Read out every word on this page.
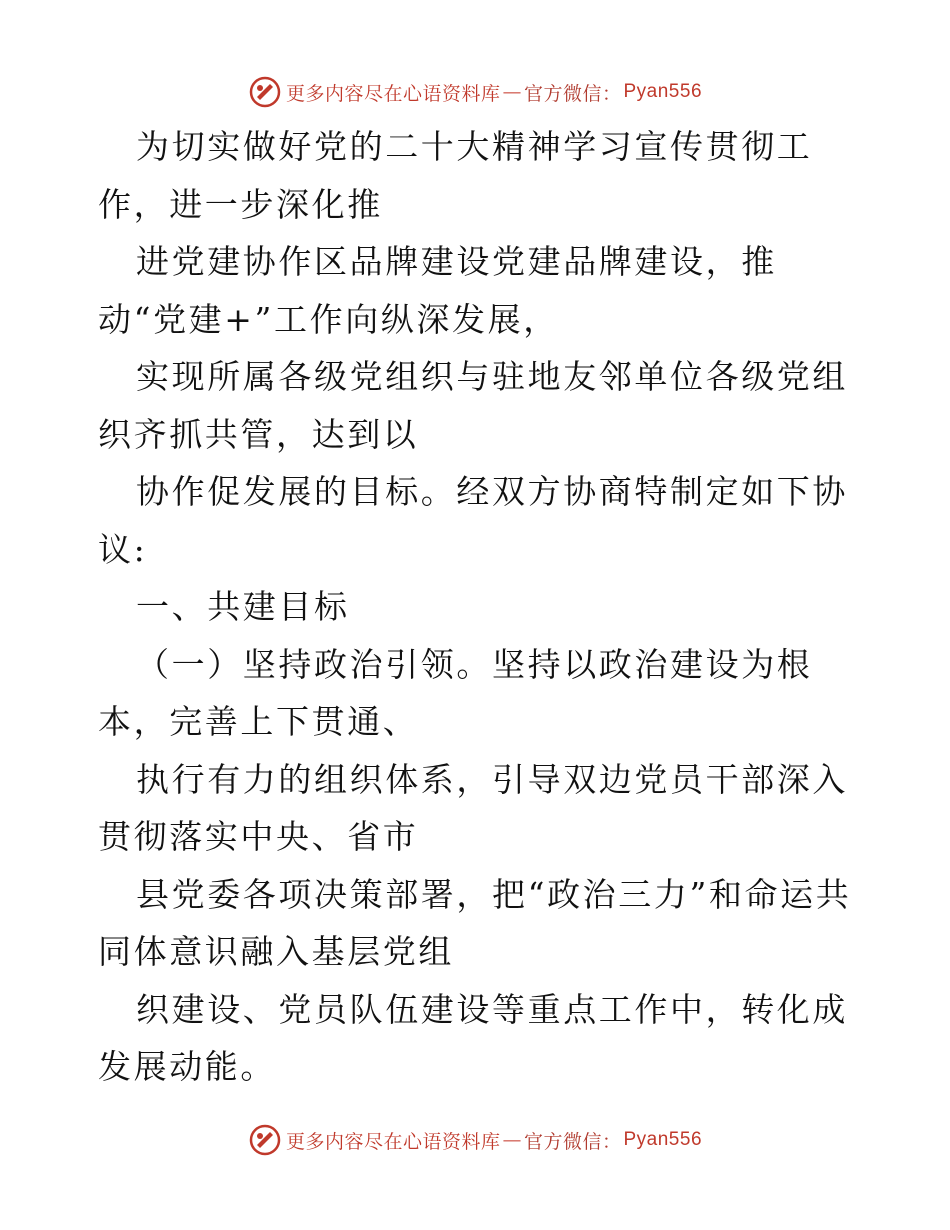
更多内容尽在心语资料库 — 官方微信： Pyan556

为切实做好党的二十大精神学习宣传贯彻工作，进一步深化推

进党建协作区品牌建设党建品牌建设，推动“党建+”工作向纵深发展，

实现所属各级党组织与驻地友邻单位各级党组织齐抓共管，达到以

协作促发展的目标。经双方协商特制定如下协议:

一、共建目标

（一）坚持政治引领。坚持以政治建设为根本，完善上下贯通、

执行有力的组织体系，引导双边党员干部深入贯彻落实中央、省市

县党委各项决策部署，把“政治三力”和命运共同体意识融入基层党组

织建设、党员队伍建设等重点工作中，转化成发展动能。

更多内容尽在心语资料库 — 官方微信： Pyan556
